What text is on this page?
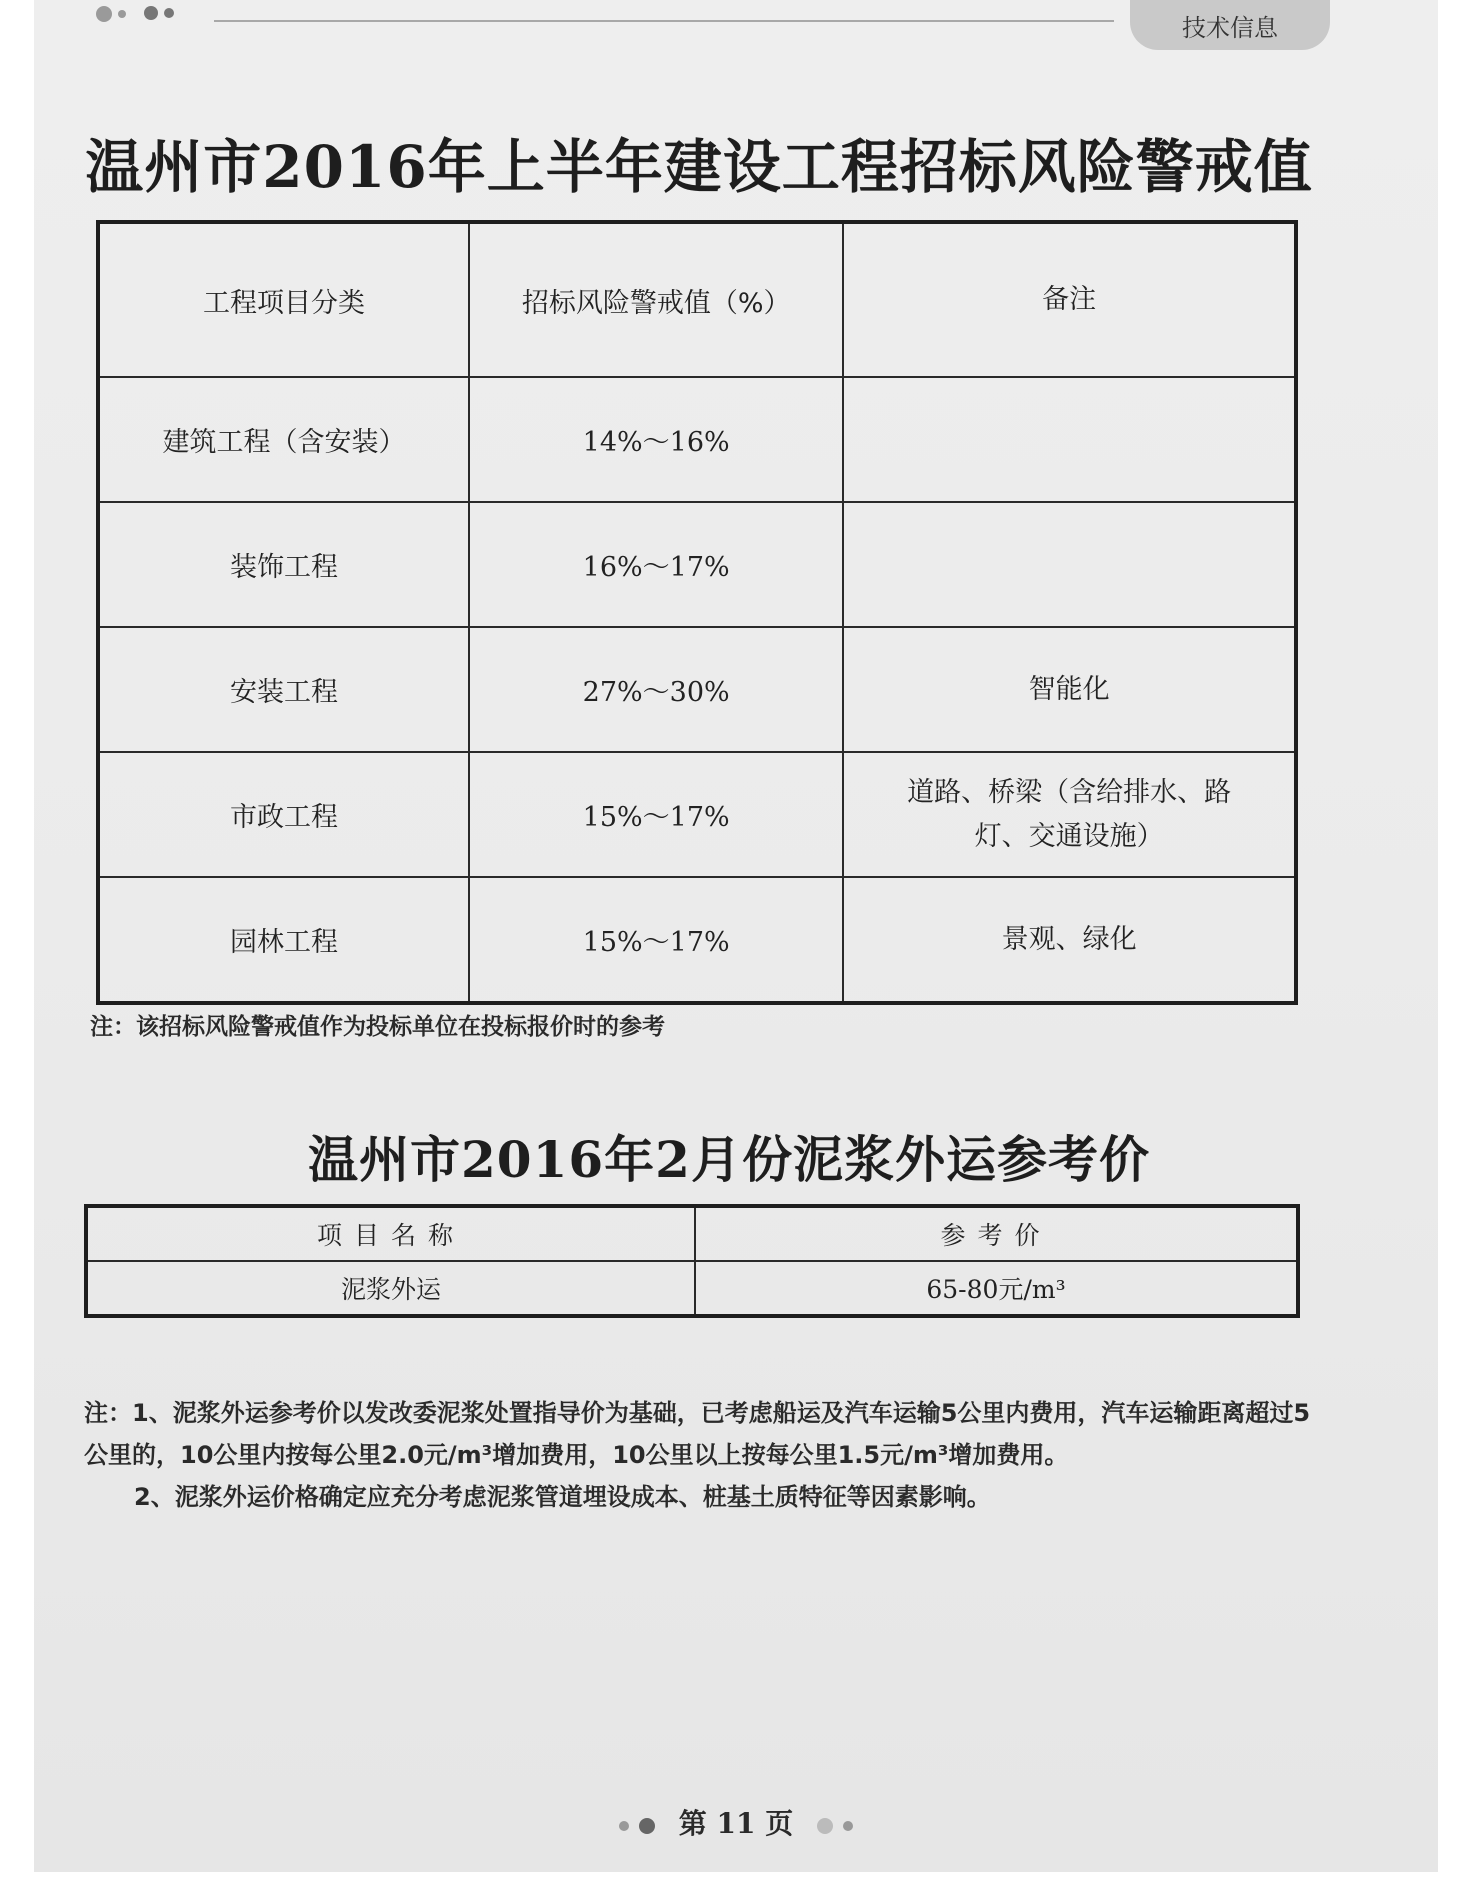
技术信息
温州市2016年上半年建设工程招标风险警戒值
工程项目分类	招标风险警戒值（%）	备注
建筑工程（含安装）	14%～16%	
装饰工程	16%～17%	
安装工程	27%～30%	智能化
市政工程	15%～17%	道路、桥梁（含给排水、路灯、交通设施）
园林工程	15%～17%	景观、绿化
注：该招标风险警戒值作为投标单位在投标报价时的参考
温州市2016年2月份泥浆外运参考价
项目名称	参考价
泥浆外运	65-80元/m³

注：1、泥浆外运参考价以发改委泥浆处置指导价为基础，已考虑船运及汽车运输5公里内费用，汽车运输距离超过5公里的，10公里内按每公里2.0元/m³增加费用，10公里以上按每公里1.5元/m³增加费用。

2、泥浆外运价格确定应充分考虑泥浆管道埋设成本、桩基土质特征等因素影响。

第 11 页
